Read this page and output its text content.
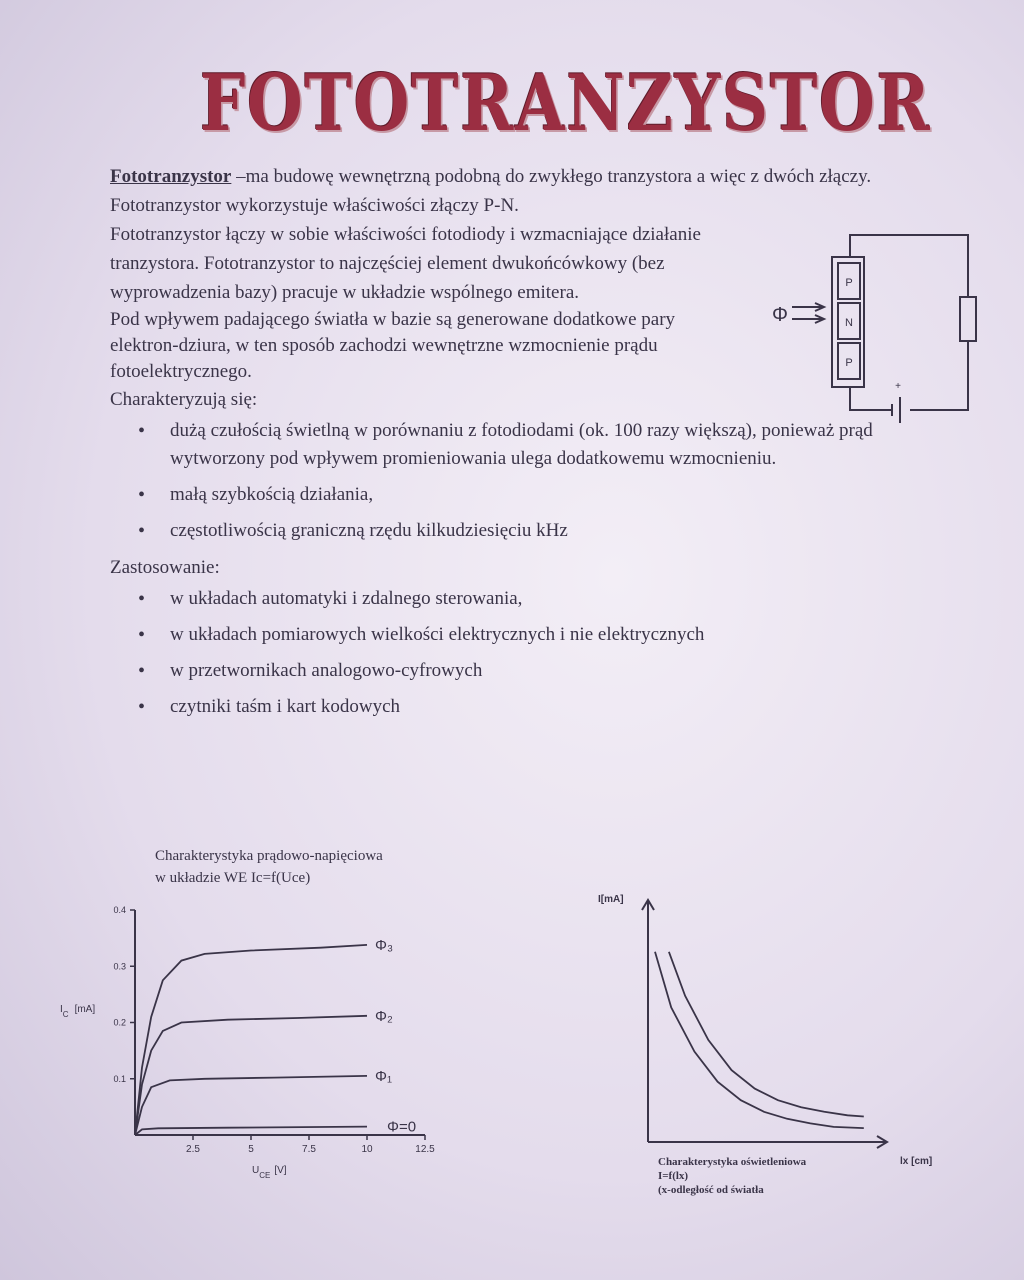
FOTOTRANZYSTOR

Fototranzystor –ma budowę wewnętrzną podobną do zwykłego tranzystora a więc z dwóch złączy.

Fototranzystor wykorzystuje właściwości złączy P-N.

Fototranzystor łączy w sobie właściwości fotodiody i wzmacniające działanie tranzystora. Fototranzystor to najczęściej element dwukońcówkowy (bez wyprowadzenia bazy) pracuje w układzie wspólnego emitera.

Pod wpływem padającego światła w bazie są generowane dodatkowe pary elektron-dziura, w ten sposób zachodzi wewnętrzne wzmocnienie prądu fotoelektrycznego.

Charakteryzują się:

• dużą czułością świetlną w porównaniu z fotodiodami (ok. 100 razy większą), ponieważ prąd wytworzony pod wpływem promieniowania ulega dodatkowemu wzmocnieniu.
• małą szybkością działania,
• częstotliwością graniczną rzędu kilkudziesięciu kHz

Zastosowanie:

• w układach automatyki i zdalnego sterowania,
• w układach pomiarowych wielkości elektrycznych i nie elektrycznych
• w przetwornikach analogowo-cyfrowych
• czytniki taśm i kart kodowych
P
N
P
Φ
+
Charakterystyka prądowo-napięciowa
w układzie WE Ic=f(Uce)
2.5	5	7.5	10	12.5
0.1
0.2
0.3
0.4
Φ=0
Φ₁
Φ₂
Φ₃
$I_C$ [mA]
$U_{CE}$ [V]
I[mA]
lx [cm]
Charakterystyka oświetleniowa
I=f(lx)
(x-odległość od światła
